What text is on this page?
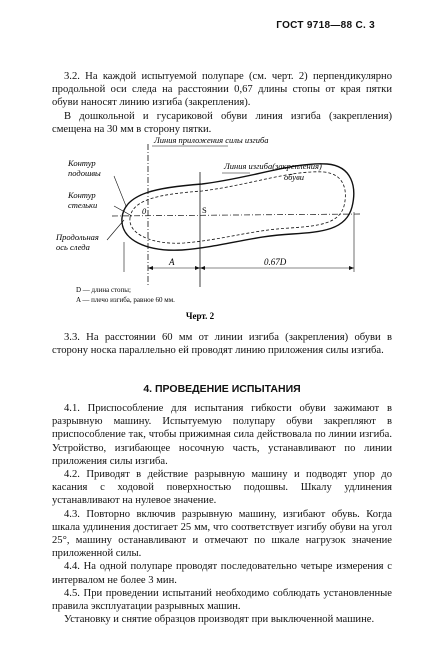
ГОСТ 9718—88 С. 3

3.2. На каждой испытуемой полупаре (см. черт. 2) перпендикулярно продольной оси следа на расстоянии 0,67 длины стопы от края пятки обуви наносят линию изгиба (закрепления).

В дошкольной и гусариковой обуви линия изгиба (закрепления) смещена на 30 мм в сторону пятки.

Линия приложения силы изгиба
Линия изгиба(закрепления)
обуви
Контур
подошвы
Контур
стельки
Продольная
ось следа
0	S
A	0.67D
D — длина стопы;
A — плечо изгиба, равное 60 мм.
Черт. 2

3.3. На расстоянии 60 мм от линии изгиба (закрепления) обуви в сторону носка параллельно ей проводят линию приложения силы изгиба.

4. ПРОВЕДЕНИЕ ИСПЫТАНИЯ

4.1. Приспособление для испытания гибкости обуви зажимают в разрывную машину. Испытуемую полупару обуви закрепляют в приспособление так, чтобы прижимная сила действовала по линии изгиба. Устройство, изгибающее носочную часть, устанавливают по линии приложения силы изгиба.

4.2. Приводят в действие разрывную машину и подводят упор до касания с ходовой поверхностью подошвы. Шкалу удлинения устанавливают на нулевое значение.

4.3. Повторно включив разрывную машину, изгибают обувь. Когда шкала удлинения достигает 25 мм, что соответствует изгибу обуви на угол 25°, машину останавливают и отмечают по шкале нагрузок значение приложенной силы.

4.4. На одной полупаре проводят последовательно четыре измерения с интервалом не более 3 мин.

4.5. При проведении испытаний необходимо соблюдать установленные правила эксплуатации разрывных машин.

Установку и снятие образцов производят при выключенной машине.
